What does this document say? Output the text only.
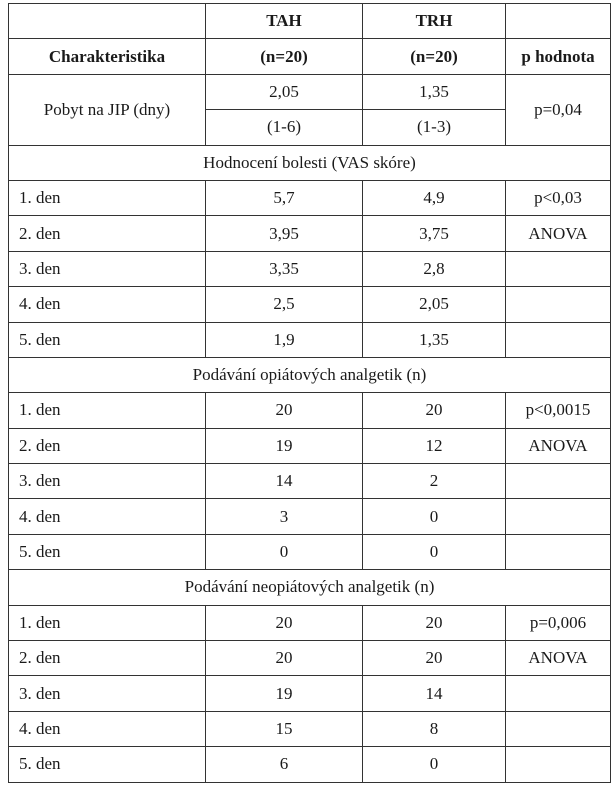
	TAH	TRH	
Charakteristika	(n=20)	(n=20)	p hodnota
Pobyt na JIP (dny)	2,05	1,35	p=0,04
	(1-6)	(1-3)	
Hodnocení bolesti (VAS skóre)			
1. den	5,7	4,9	p<0,03
2. den	3,95	3,75	ANOVA
3. den	3,35	2,8	
4. den	2,5	2,05	
5. den	1,9	1,35	
Podávání opiátových analgetik (n)			
1. den	20	20	p<0,0015
2. den	19	12	ANOVA
3. den	14	2	
4. den	3	0	
5. den	0	0	
Podávání neopiátových analgetik (n)			
1. den	20	20	p=0,006
2. den	20	20	ANOVA
3. den	19	14	
4. den	15	8	
5. den	6	0	
